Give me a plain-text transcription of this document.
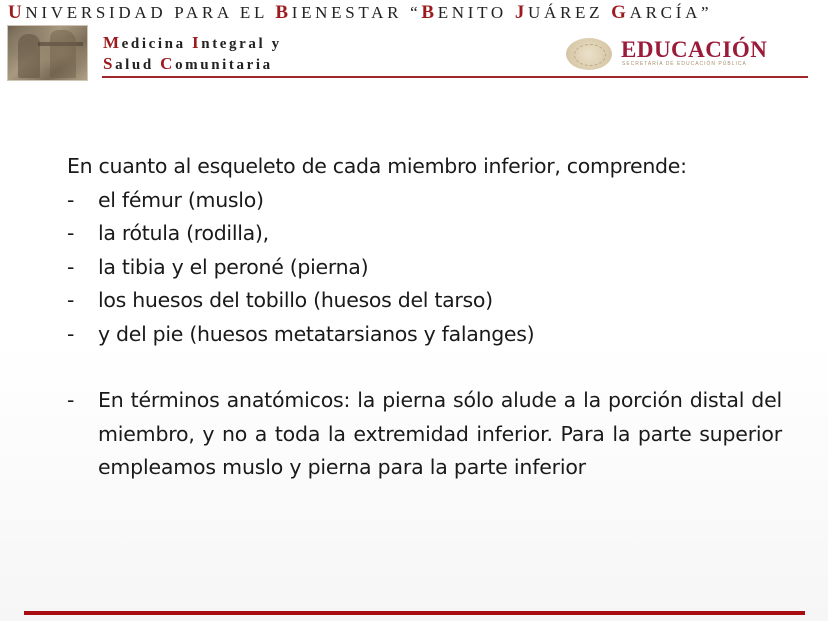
UNIVERSIDAD PARA EL BIENESTAR “BENITO JUÁREZ GARCÍA”
Medicina Integral y
Salud Comunitaria
EDUCACIÓN
SECRETARÍA DE EDUCACIÓN PÚBLICA
En cuanto al esqueleto de cada miembro inferior, comprende:
- el fémur (muslo)
- la rótula (rodilla),
- la tibia y el peroné (pierna)
- los huesos del tobillo (huesos del tarso)
- y del pie (huesos metatarsianos y falanges)
- En términos anatómicos: la pierna sólo alude a la porción distal del miembro, y no a toda la extremidad inferior. Para la parte superior empleamos muslo y pierna para la parte inferior
